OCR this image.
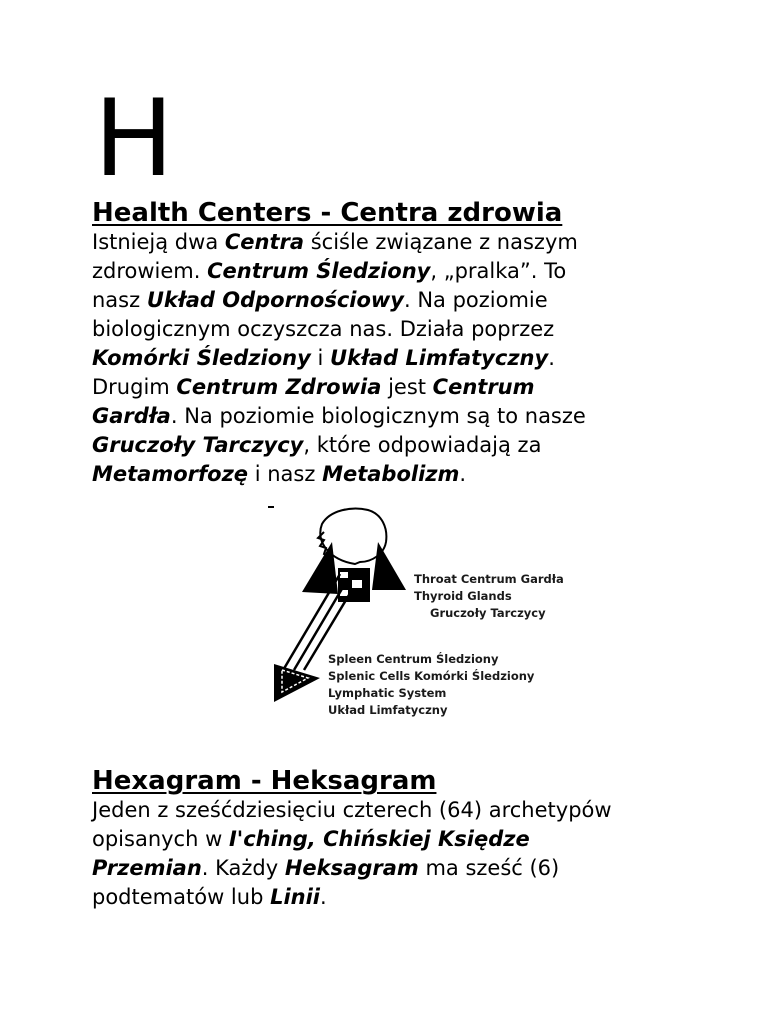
H
Health Centers - Centra zdrowia
Istnieją dwa Centra ściśle związane z naszym
zdrowiem. Centrum Śledziony, „pralka”. To
nasz Układ Odpornościowy. Na poziomie
biologicznym oczyszcza nas. Działa poprzez
Komórki Śledziony i Układ Limfatyczny.
Drugim Centrum Zdrowia jest Centrum
Gardła. Na poziomie biologicznym są to nasze
Gruczoły Tarczycy, które odpowiadają za
Metamorfozę i nasz Metabolizm.
Throat Centrum Gardła
Thyroid Glands
Gruczoły Tarczycy
Spleen Centrum Śledziony
Splenic Cells Komórki Śledziony
Lymphatic System
Układ Limfatyczny
Hexagram - Heksagram
Jeden z sześćdziesięciu czterech (64) archetypów
opisanych w I'ching, Chińskiej Księdze
Przemian. Każdy Heksagram ma sześć (6)
podtematów lub Linii.
